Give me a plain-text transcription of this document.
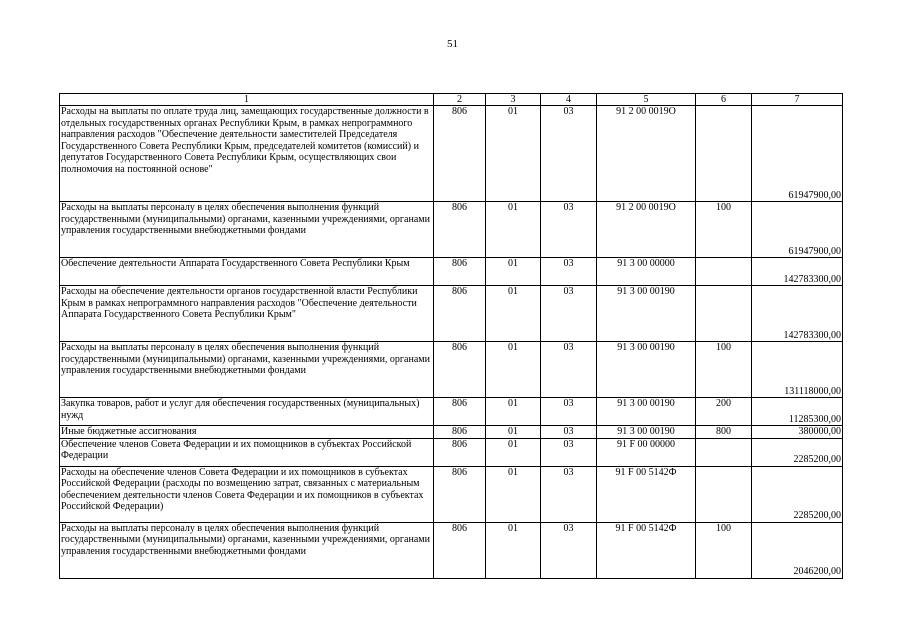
51
1	2	3	4	5	6	7
Расходы на выплаты по оплате труда лиц, замещающих государственные должности в отдельных государственных органах Республики Крым, в рамках непрограммного направления расходов "Обеспечение деятельности заместителей Председателя Государственного Совета Республики Крым, председателей комитетов (комиссий) и депутатов Государственного Совета Республики Крым, осуществляющих свои полномочия на постоянной основе"	806	01	03	91 2 00 0019О		61947900,00
Расходы на выплаты персоналу в целях обеспечения выполнения функций государственными (муниципальными) органами, казенными учреждениями, органами управления государственными внебюджетными фондами	806	01	03	91 2 00 0019О	100	61947900,00
Обеспечение деятельности Аппарата Государственного Совета Республики Крым	806	01	03	91 3 00 00000		142783300,00
Расходы на обеспечение деятельности органов государственной власти Республики Крым в рамках непрограммного направления расходов "Обеспечение деятельности Аппарата Государственного Совета Республики Крым"	806	01	03	91 3 00 00190		142783300,00
Расходы на выплаты персоналу в целях обеспечения выполнения функций государственными (муниципальными) органами, казенными учреждениями, органами управления государственными внебюджетными фондами	806	01	03	91 3 00 00190	100	131118000,00
Закупка товаров, работ и услуг для обеспечения государственных (муниципальных) нужд	806	01	03	91 3 00 00190	200	11285300,00
Иные бюджетные ассигнования	806	01	03	91 3 00 00190	800	380000,00
Обеспечение членов Совета Федерации и их помощников в субъектах Российской Федерации	806	01	03	91 F 00 00000		2285200,00
Расходы на обеспечение членов Совета Федерации и их помощников в субъектах Российской Федерации (расходы по возмещению затрат, связанных с материальным обеспечением деятельности членов Совета Федерации и их помощников в субъектах Российской Федерации)	806	01	03	91 F 00 5142Ф		2285200,00
Расходы на выплаты персоналу в целях обеспечения выполнения функций государственными (муниципальными) органами, казенными учреждениями, органами управления государственными внебюджетными фондами	806	01	03	91 F 00 5142Ф	100	2046200,00
